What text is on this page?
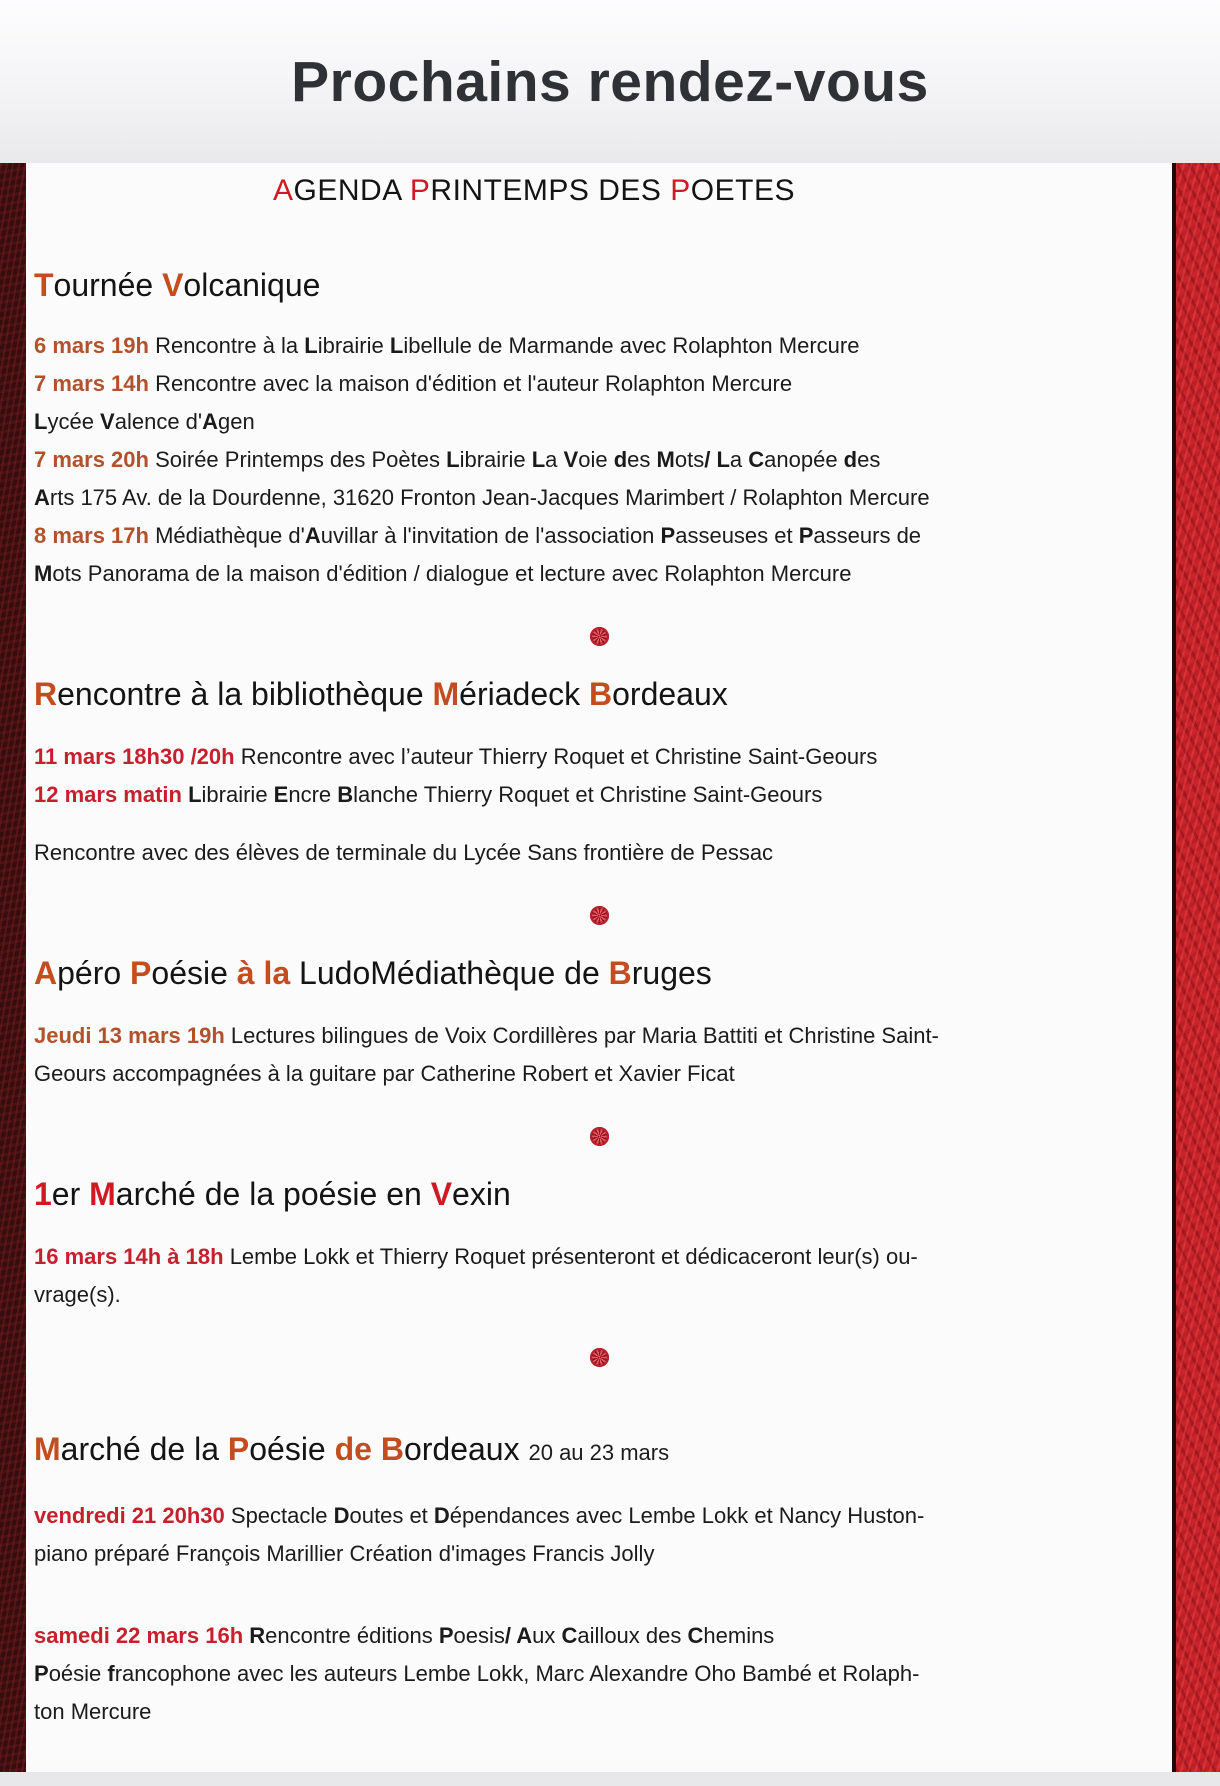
Prochains rendez-vous
AGENDA PRINTEMPS DES POETES
Tournée Volcanique
6 mars 19h Rencontre à la Librairie Libellule de Marmande avec Rolaphton Mercure
7 mars 14h Rencontre avec la maison d'édition et l'auteur Rolaphton Mercure
Lycée Valence d'Agen
7 mars 20h Soirée Printemps des Poètes Librairie La Voie des Mots/ La Canopée des
Arts 175 Av. de la Dourdenne, 31620 Fronton Jean-Jacques Marimbert / Rolaphton Mercure
8 mars 17h Médiathèque d'Auvillar à l'invitation de l'association Passeuses et Passeurs de
Mots Panorama de la maison d'édition / dialogue et lecture avec Rolaphton Mercure
Rencontre à la bibliothèque Mériadeck Bordeaux
11 mars 18h30 /20h Rencontre avec l’auteur Thierry Roquet et Christine Saint-Geours
12 mars matin Librairie Encre Blanche Thierry Roquet et Christine Saint-Geours
Rencontre avec des élèves de terminale du Lycée Sans frontière de Pessac
Apéro Poésie à la LudoMédiathèque de Bruges
Jeudi 13 mars 19h Lectures bilingues de Voix Cordillères par Maria Battiti et Christine Saint-
Geours accompagnées à la guitare par Catherine Robert et Xavier Ficat
1er Marché de la poésie en Vexin
16 mars 14h à 18h Lembe Lokk et Thierry Roquet présenteront et dédicaceront leur(s) ou-
vrage(s).
Marché de la Poésie de Bordeaux 20 au 23 mars
vendredi 21 20h30 Spectacle Doutes et Dépendances avec Lembe Lokk et Nancy Huston-
piano préparé François Marillier Création d'images Francis Jolly
samedi 22 mars 16h Rencontre éditions Poesis/ Aux Cailloux des Chemins
Poésie francophone avec les auteurs Lembe Lokk, Marc Alexandre Oho Bambé et Rolaph-
ton Mercure
